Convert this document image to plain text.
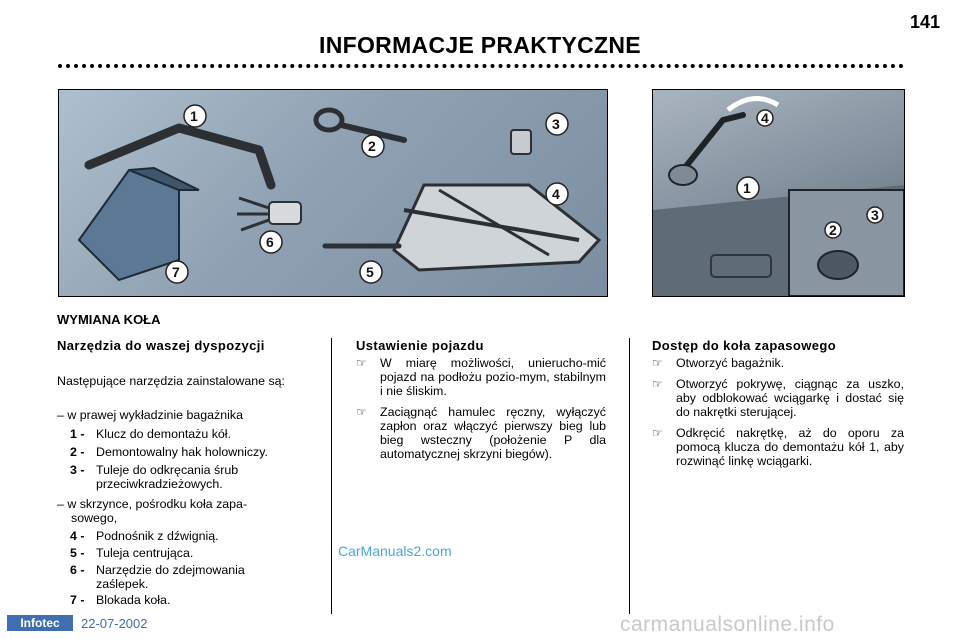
141
INFORMACJE PRAKTYCZNE
1
2
3
4
5
6
7
1
4
2
3
WYMIANA KOŁA
Narzędzia do waszej dyspozycji
Następujące narzędzia zainstalowane są:
– w prawej wykładzinie bagażnika
1 - Klucz do demontażu kół.
2 - Demontowalny hak holowniczy.
3 - Tuleje do odkręcania śrub
przeciwkradzieżowych.
– w skrzynce, pośrodku koła zapa-
sowego,
4 - Podnośnik z dźwignią.
5 - Tuleja centrująca.
6 - Narzędzie do zdejmowania
zaślepek.
7 - Blokada koła.
Ustawienie pojazdu
☞ W miarę możliwości, unierucho-mić pojazd na podłożu pozio-mym, stabilnym i nie śliskim.
☞ Zaciągnąć hamulec ręczny, wyłączyć zapłon oraz włączyć pierwszy bieg lub bieg wsteczny (położenie P dla automatycznej skrzyni biegów).
Dostęp do koła zapasowego
☞ Otworzyć bagażnik.
☞ Otworzyć pokrywę, ciągnąc za uszko, aby odblokować wciągarkę i dostać się do nakrętki sterującej.
☞ Odkręcić nakrętkę, aż do oporu za pomocą klucza do demontażu kół 1, aby rozwinąć linkę wciągarki.
CarManuals2.com
Infotec	22-07-2002	carmanualsonline.info
